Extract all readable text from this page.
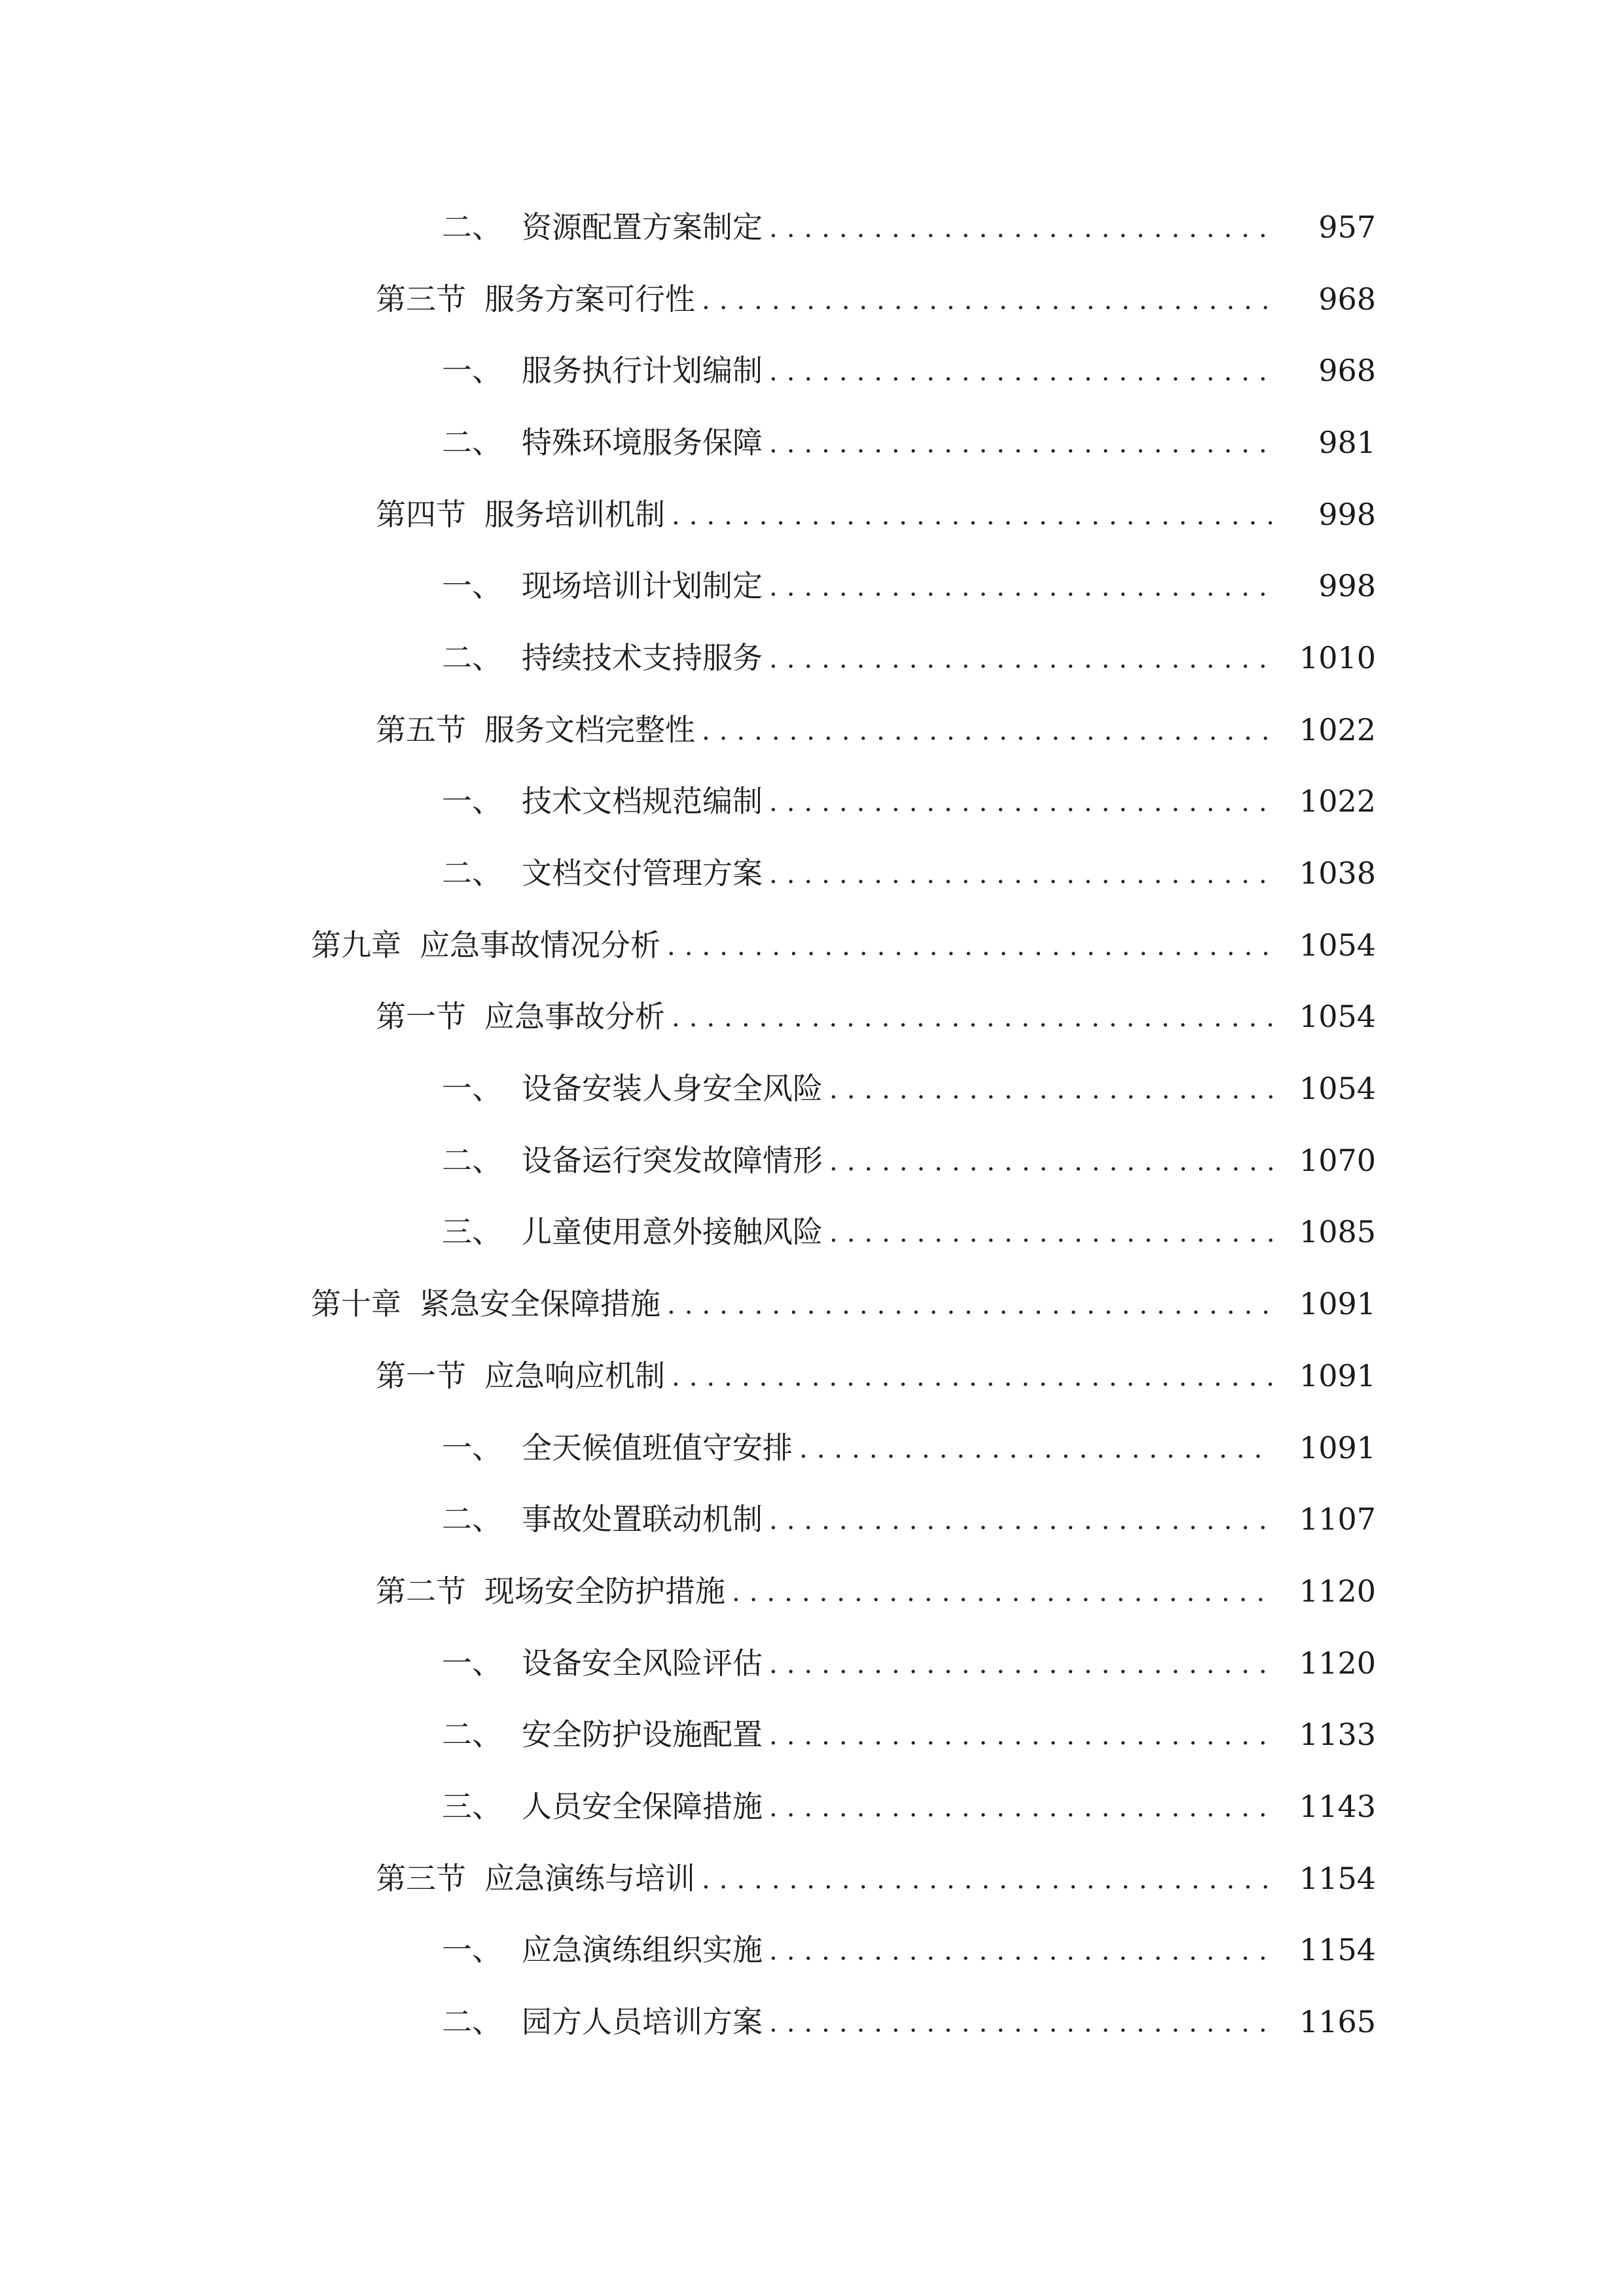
二、 资源配置方案制定 .....	957
第三节 服务方案可行性 .....	968
一、 服务执行计划编制 .....	968
二、 特殊环境服务保障 .....	981
第四节 服务培训机制 .....	998
一、 现场培训计划制定 .....	998
二、 持续技术支持服务 .....	1010
第五节 服务文档完整性 .....	1022
一、 技术文档规范编制 .....	1022
二、 文档交付管理方案 .....	1038
第九章 应急事故情况分析 .....	1054
第一节 应急事故分析 .....	1054
一、 设备安装人身安全风险 .....	1054
二、 设备运行突发故障情形 .....	1070
三、 儿童使用意外接触风险 .....	1085
第十章 紧急安全保障措施 .....	1091
第一节 应急响应机制 .....	1091
一、 全天候值班值守安排 .....	1091
二、 事故处置联动机制 .....	1107
第二节 现场安全防护措施 .....	1120
一、 设备安全风险评估 .....	1120
二、 安全防护设施配置 .....	1133
三、 人员安全保障措施 .....	1143
第三节 应急演练与培训 .....	1154
一、 应急演练组织实施 .....	1154
二、 园方人员培训方案 .....	1165
